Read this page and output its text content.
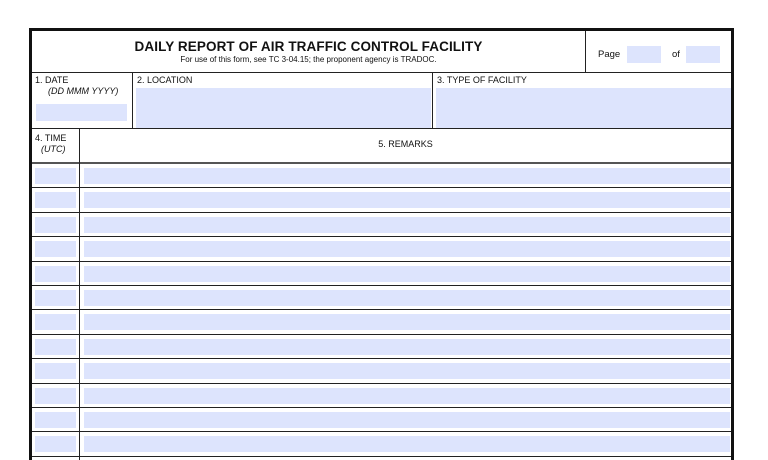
DAILY REPORT OF AIR TRAFFIC CONTROL FACILITY
For use of this form, see TC 3-04.15; the proponent agency is TRADOC.	Page	of
1. DATE
(DD MMM YYYY)
2. LOCATION	3. TYPE OF FACILITY
4. TIME
(UTC)	5. REMARKS
